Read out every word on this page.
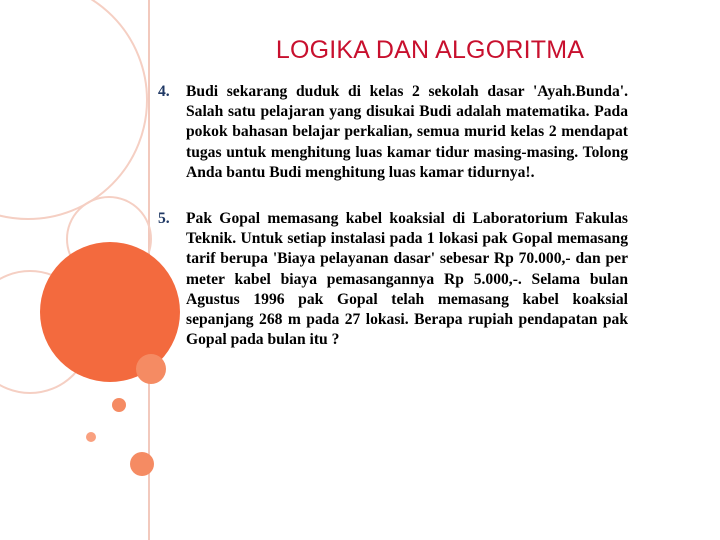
LOGIKA DAN ALGORITMA
4.	Budi sekarang duduk di kelas 2 sekolah dasar 'Ayah.Bunda'. Salah satu pelajaran yang disukai Budi adalah matematika. Pada pokok bahasan belajar perkalian, semua murid kelas 2 mendapat tugas untuk menghitung luas kamar tidur masing-masing. Tolong Anda bantu Budi menghitung luas kamar tidurnya!.
5.	Pak Gopal memasang kabel koaksial di Laboratorium Fakulas Teknik. Untuk setiap instalasi pada 1 lokasi pak Gopal memasang tarif berupa 'Biaya pelayanan dasar' sebesar Rp 70.000,- dan per meter kabel biaya pemasangannya Rp 5.000,-. Selama bulan Agustus 1996 pak Gopal telah memasang kabel koaksial sepanjang 268 m pada 27 lokasi. Berapa rupiah pendapatan pak Gopal pada bulan itu ?
